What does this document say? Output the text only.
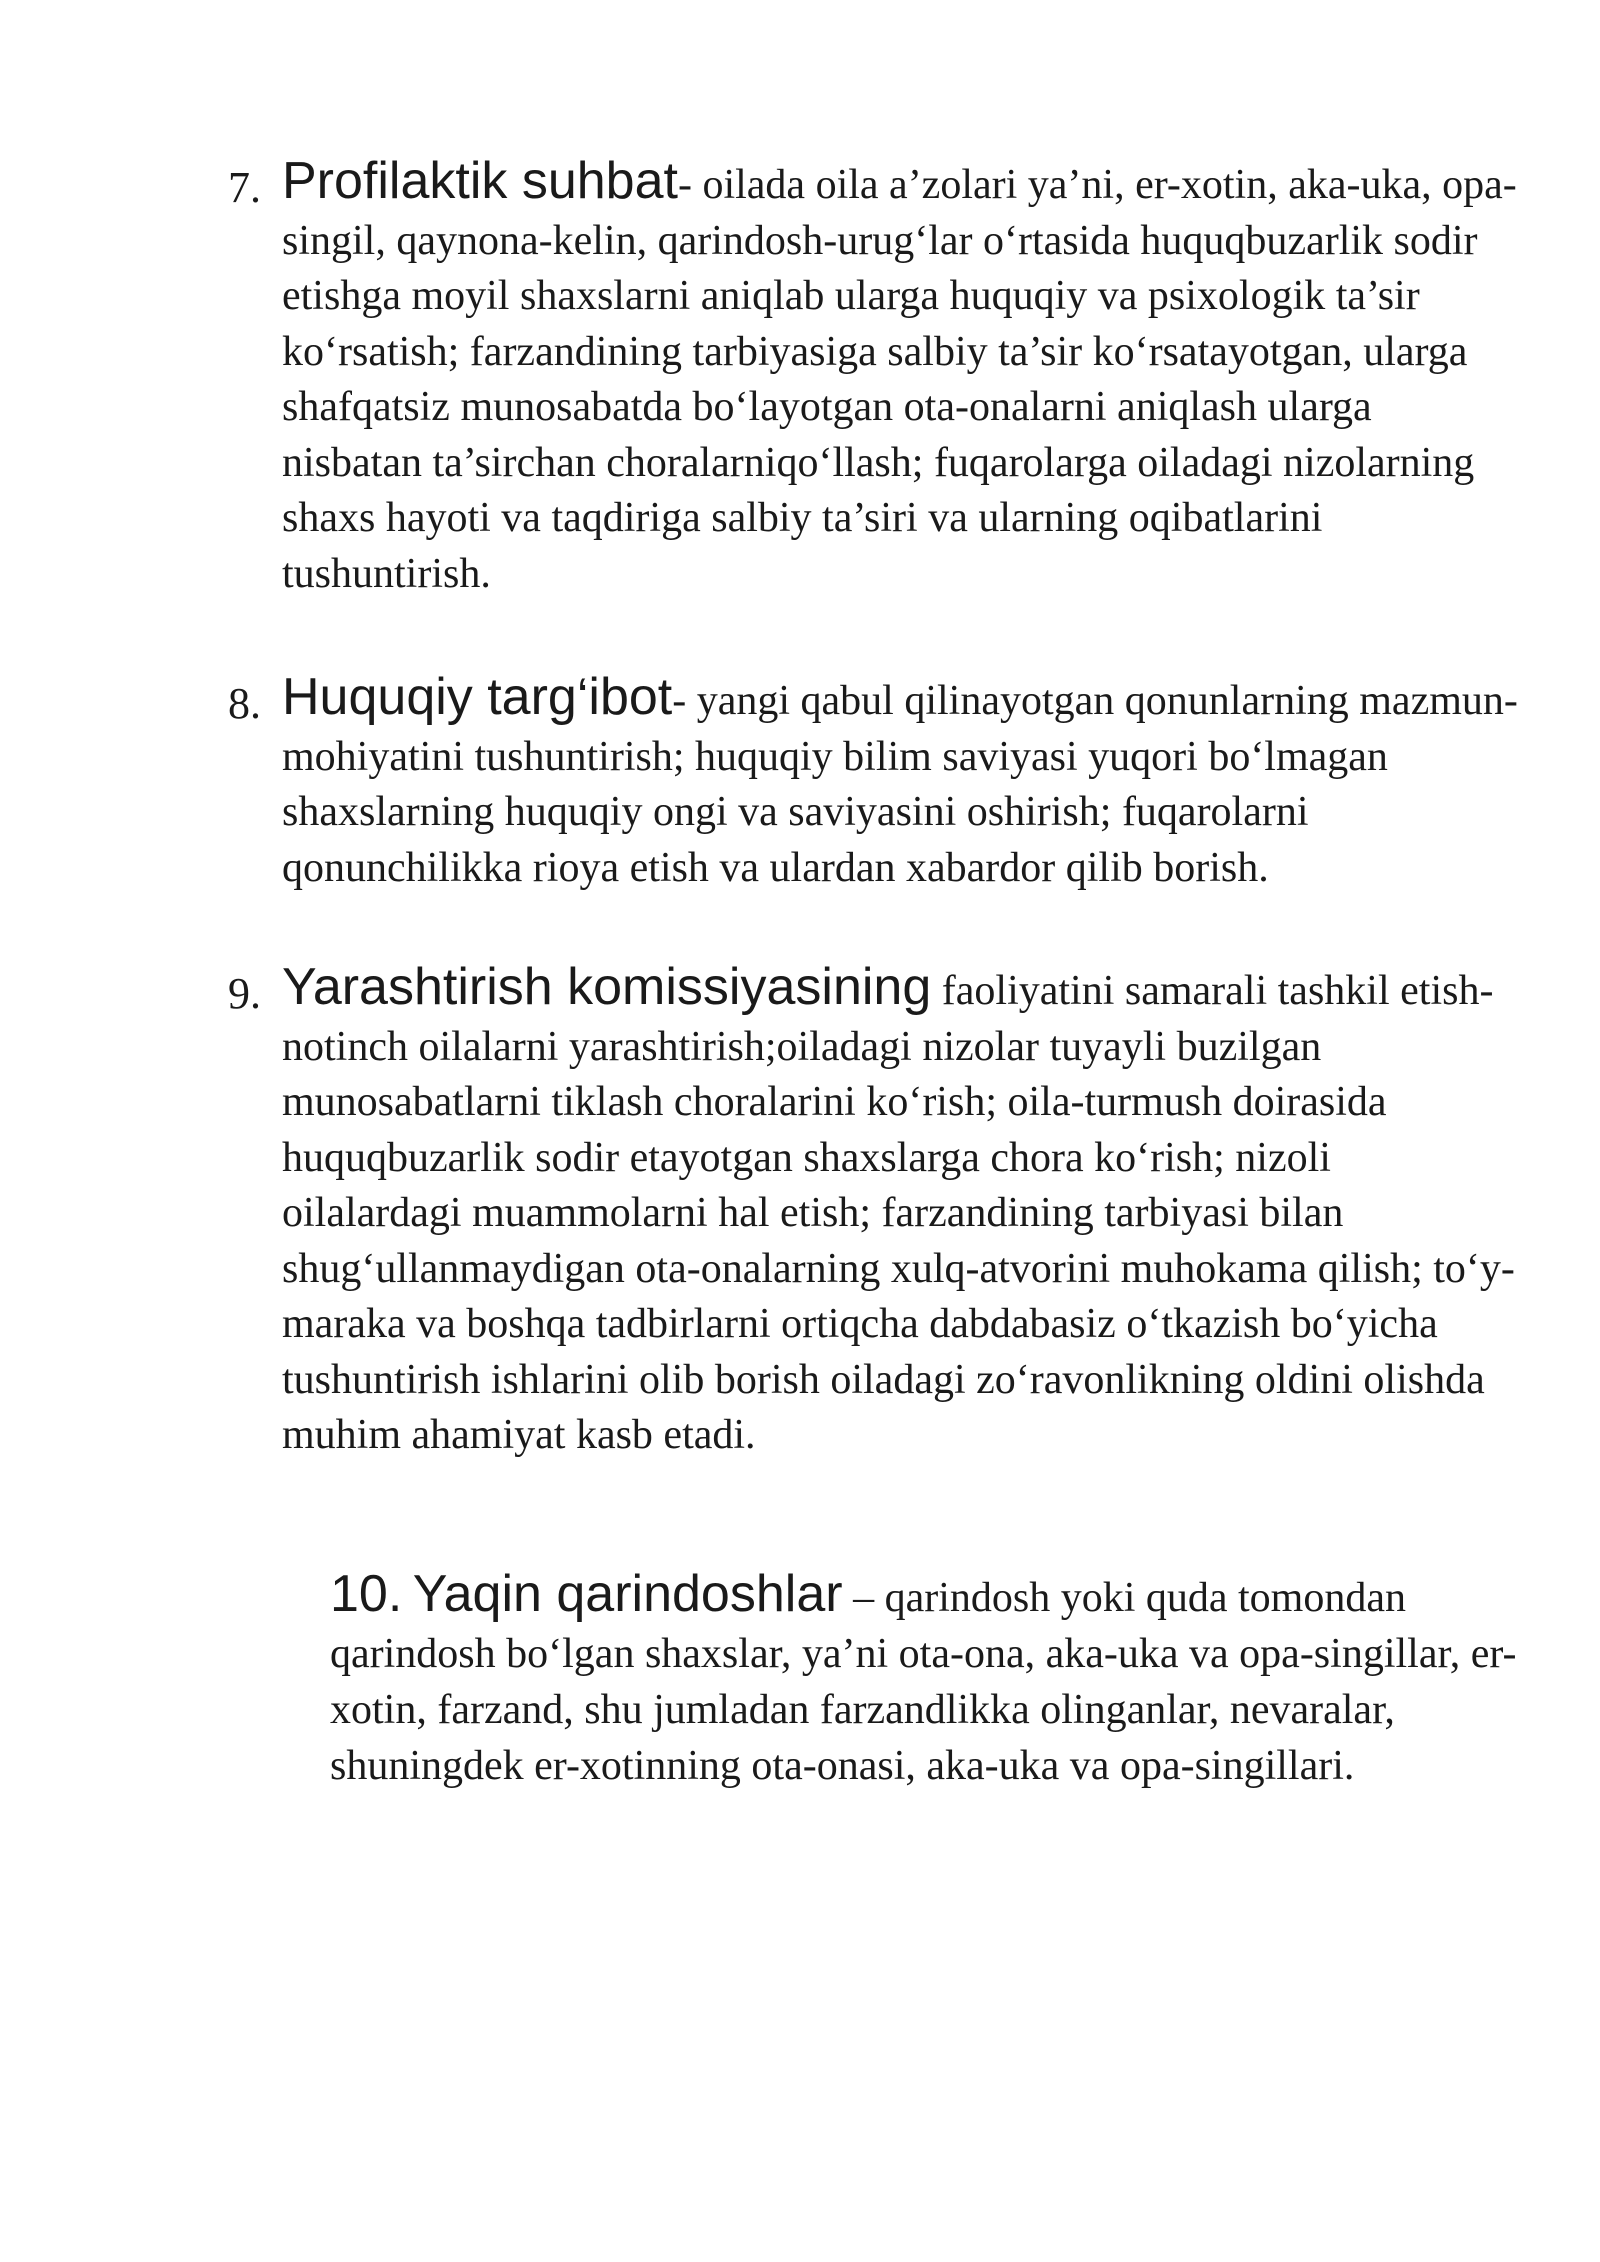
7. Profilaktik suhbat- oilada oila a’zolari ya’ni, er-xotin, aka-uka, opa-singil, qaynona-kelin, qarindosh-urug‘lar o‘rtasida huquqbuzarlik sodir etishga moyil shaxslarni aniqlab ularga huquqiy va psixologik ta’sir ko‘rsatish; farzandining tarbiyasiga salbiy ta’sir ko‘rsatayotgan, ularga shafqatsiz munosabatda bo‘layotgan ota-onalarni aniqlash ularga nisbatan ta’sirchan choralarniqo‘llash; fuqarolarga oiladagi nizolarning shaxs hayoti va taqdiriga salbiy ta’siri va ularning oqibatlarini tushuntirish.
8. Huquqiy targ‘ibot- yangi qabul qilinayotgan qonunlarning mazmun- mohiyatini tushuntirish; huquqiy bilim saviyasi yuqori bo‘lmagan shaxslarning huquqiy ongi va saviyasini oshirish; fuqarolarni qonunchilikka rioya etish va ulardan xabardor qilib borish.
9. Yarashtirish komissiyasining faoliyatini samarali tashkil etish- notinch oilalarni yarashtirish;oiladagi nizolar tuyayli buzilgan munosabatlarni tiklash choralarini ko‘rish; oila-turmush doirasida huquqbuzarlik sodir etayotgan shaxslarga chora ko‘rish; nizoli oilalardagi muammolarni hal etish; farzandining tarbiyasi bilan shug‘ullanmaydigan ota-onalarning xulq-atvorini muhokama qilish; to‘y-maraka va boshqa tadbirlarni ortiqcha dabdabasiz o‘tkazish bo‘yicha tushuntirish ishlarini olib borish oiladagi zo‘ravonlikning oldini olishda muhim ahamiyat kasb etadi.
10. Yaqin qarindoshlar – qarindosh yoki quda tomondan qarindosh bo‘lgan shaxslar, ya’ni ota-ona, aka-uka va opa-singillar, er-xotin, farzand, shu jumladan farzandlikka olinganlar, nevaralar, shuningdek er-xotinning ota-onasi, aka-uka va opa-singillari.
